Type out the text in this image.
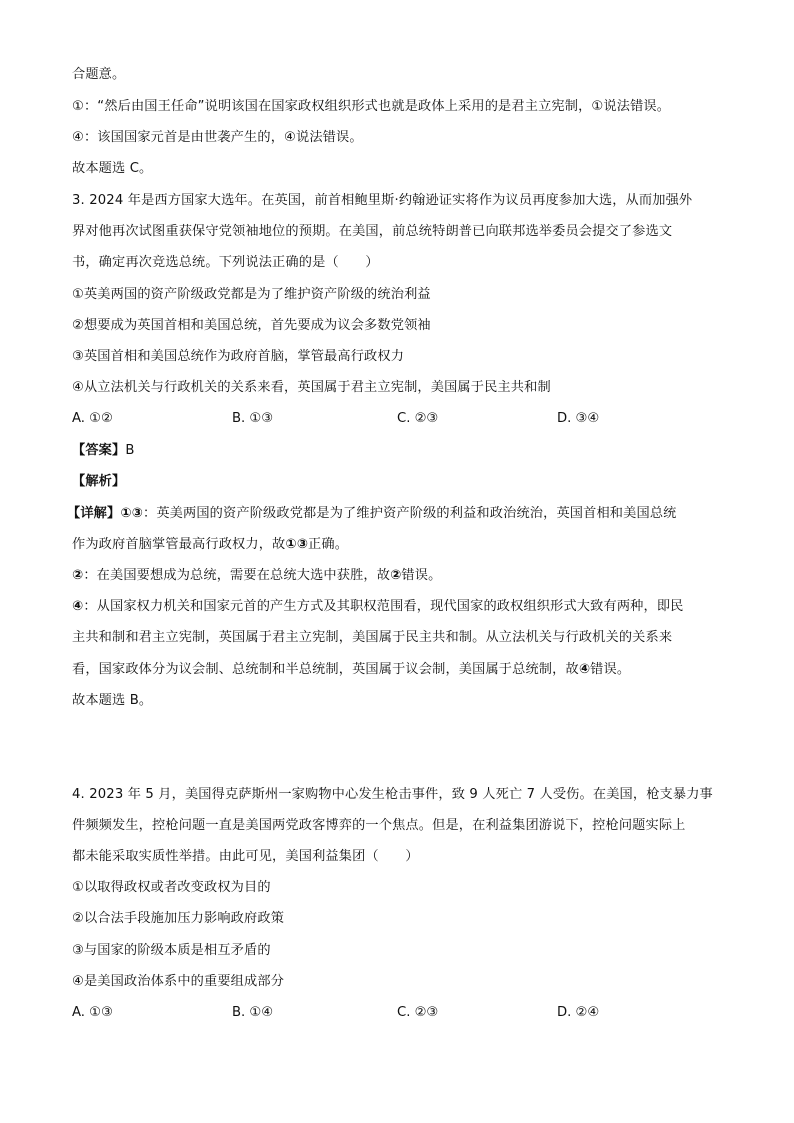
合题意。
①：“然后由国王任命”说明该国在国家政权组织形式也就是政体上采用的是君主立宪制，①说法错误。
④：该国国家元首是由世袭产生的，④说法错误。
故本题选 C。
3. 2024 年是西方国家大选年。在英国，前首相鲍里斯·约翰逊证实将作为议员再度参加大选，从而加强外
界对他再次试图重获保守党领袖地位的预期。在美国，前总统特朗普已向联邦选举委员会提交了参选文
书，确定再次竞选总统。下列说法正确的是（　　）
①英美两国的资产阶级政党都是为了维护资产阶级的统治利益
②想要成为英国首相和美国总统，首先要成为议会多数党领袖
③英国首相和美国总统作为政府首脑，掌管最高行政权力
④从立法机关与行政机关的关系来看，英国属于君主立宪制，美国属于民主共和制
A. ①②	B. ①③	C. ②③	D. ③④
【答案】B
【解析】
【详解】①③：英美两国的资产阶级政党都是为了维护资产阶级的利益和政治统治，英国首相和美国总统
作为政府首脑掌管最高行政权力，故①③正确。
②：在美国要想成为总统，需要在总统大选中获胜，故②错误。
④：从国家权力机关和国家元首的产生方式及其职权范围看，现代国家的政权组织形式大致有两种，即民
主共和制和君主立宪制，英国属于君主立宪制，美国属于民主共和制。从立法机关与行政机关的关系来
看，国家政体分为议会制、总统制和半总统制，英国属于议会制，美国属于总统制，故④错误。
故本题选 B。
4. 2023 年 5 月，美国得克萨斯州一家购物中心发生枪击事件，致 9 人死亡 7 人受伤。在美国，枪支暴力事
件频频发生，控枪问题一直是美国两党政客博弈的一个焦点。但是，在利益集团游说下，控枪问题实际上
都未能采取实质性举措。由此可见，美国利益集团（　　）
①以取得政权或者改变政权为目的
②以合法手段施加压力影响政府政策
③与国家的阶级本质是相互矛盾的
④是美国政治体系中的重要组成部分
A. ①③	B. ①④	C. ②③	D. ②④
